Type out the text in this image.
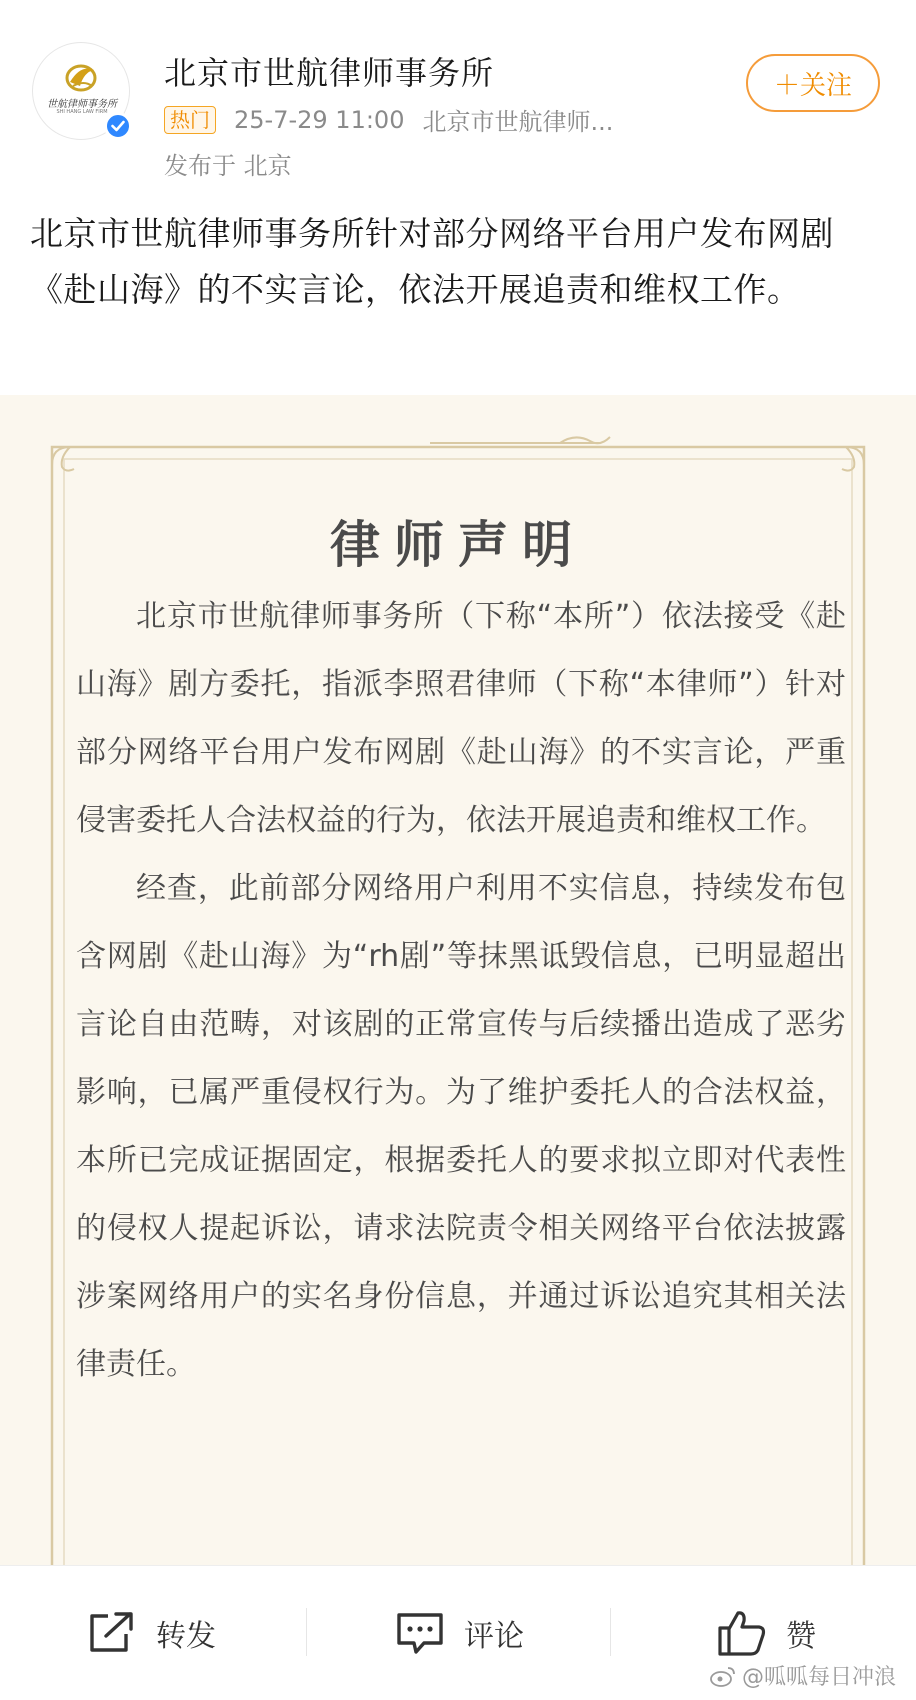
世航律师事务所
SHI HANG LAW FIRM
北京市世航律师事务所
热门 25-7-29 11:00 北京市世航律师...
发布于 北京
＋关注
北京市世航律师事务所针对部分网络平台用户发布网剧《赴山海》的不实言论，依法开展追责和维权工作。
律师声明

北京市世航律师事务所（下称“本所”）依法接受《赴山海》剧方委托，指派李照君律师（下称“本律师”）针对部分网络平台用户发布网剧《赴山海》的不实言论，严重侵害委托人合法权益的行为，依法开展追责和维权工作。

经查，此前部分网络用户利用不实信息，持续发布包含网剧《赴山海》为“rh剧”等抹黑诋毁信息，已明显超出言论自由范畴，对该剧的正常宣传与后续播出造成了恶劣影响，已属严重侵权行为。为了维护委托人的合法权益，本所已完成证据固定，根据委托人的要求拟立即对代表性的侵权人提起诉讼，请求法院责令相关网络平台依法披露涉案网络用户的实名身份信息，并通过诉讼追究其相关法律责任。

转发	评论	赞
@呱呱每日冲浪
